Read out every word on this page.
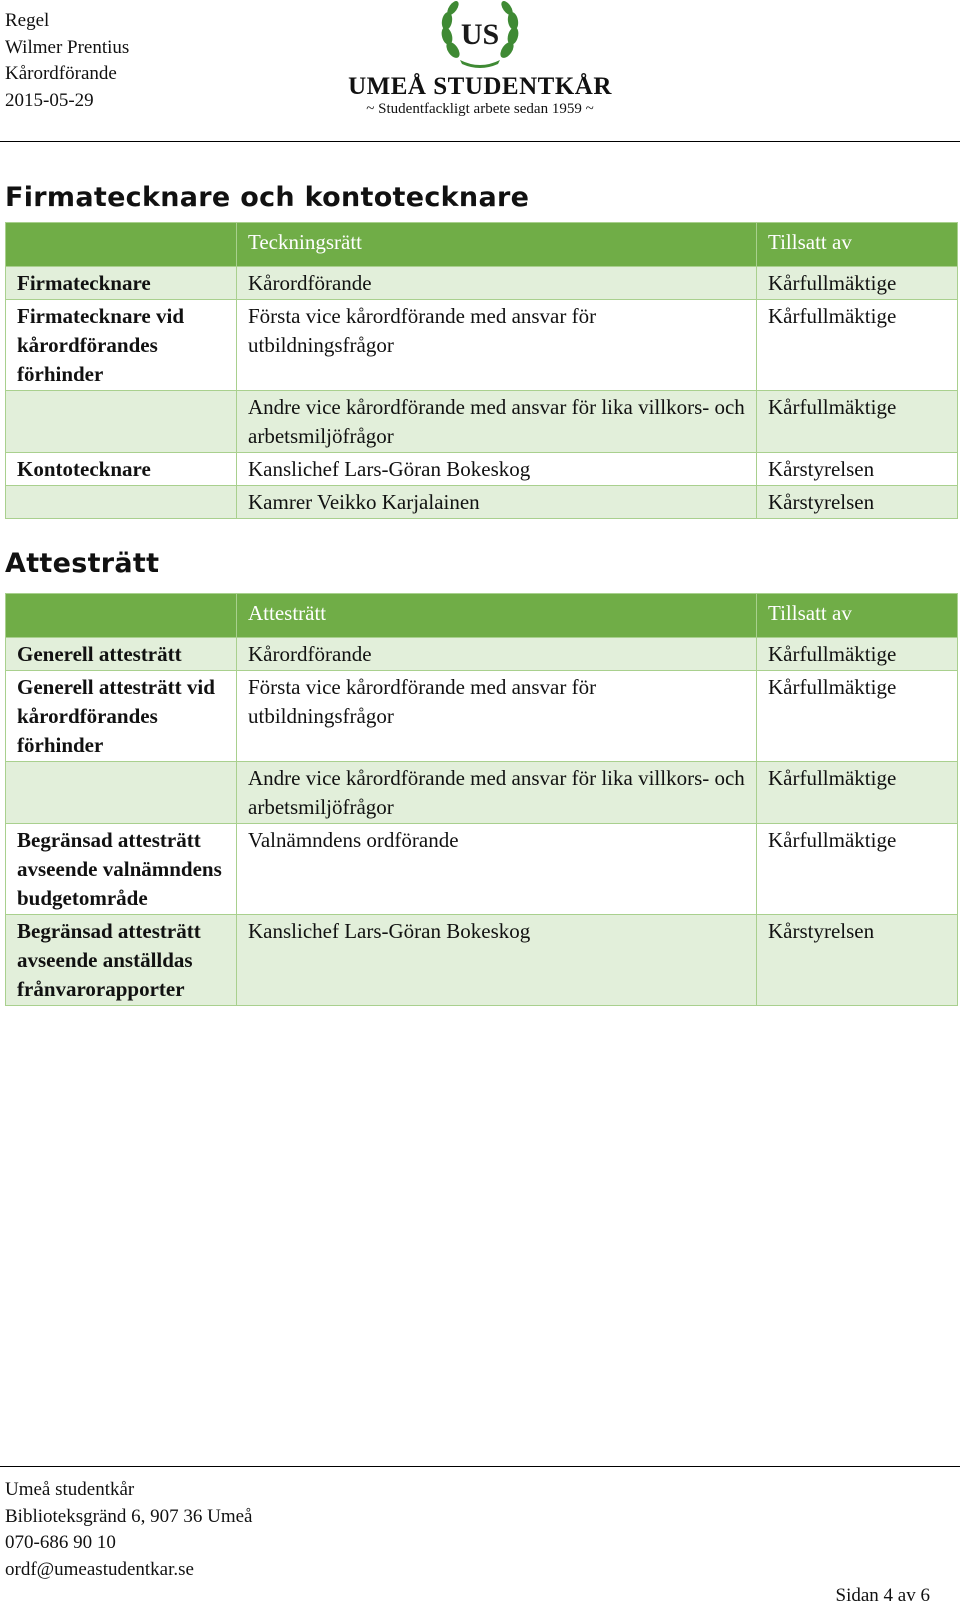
Regel
Wilmer Prentius
Kårordförande
2015-05-29
US
UMEÅ STUDENTKÅR
~ Studentfackligt arbete sedan 1959 ~
Firmatecknare och kontotecknare
	Teckningsrätt	Tillsatt av
Firmatecknare	Kårordförande	Kårfullmäktige
Firmatecknare vid kårordförandes förhinder	Första vice kårordförande med ansvar för utbildningsfrågor	Kårfullmäktige
	Andre vice kårordförande med ansvar för lika villkors- och arbetsmiljöfrågor	Kårfullmäktige
Kontotecknare	Kanslichef Lars-Göran Bokeskog	Kårstyrelsen
	Kamrer Veikko Karjalainen	Kårstyrelsen
Attesträtt
	Attesträtt	Tillsatt av
Generell attesträtt	Kårordförande	Kårfullmäktige
Generell attesträtt vid kårordförandes förhinder	Första vice kårordförande med ansvar för utbildningsfrågor	Kårfullmäktige
	Andre vice kårordförande med ansvar för lika villkors- och arbetsmiljöfrågor	Kårfullmäktige
Begränsad attesträtt avseende valnämndens budgetområde	Valnämndens ordförande	Kårfullmäktige
Begränsad attesträtt avseende anställdas frånvarorapporter	Kanslichef Lars-Göran Bokeskog	Kårstyrelsen
Umeå studentkår
Biblioteksgränd 6, 907 36 Umeå
070-686 90 10
ordf@umeastudentkar.se
Sidan 4 av 6
